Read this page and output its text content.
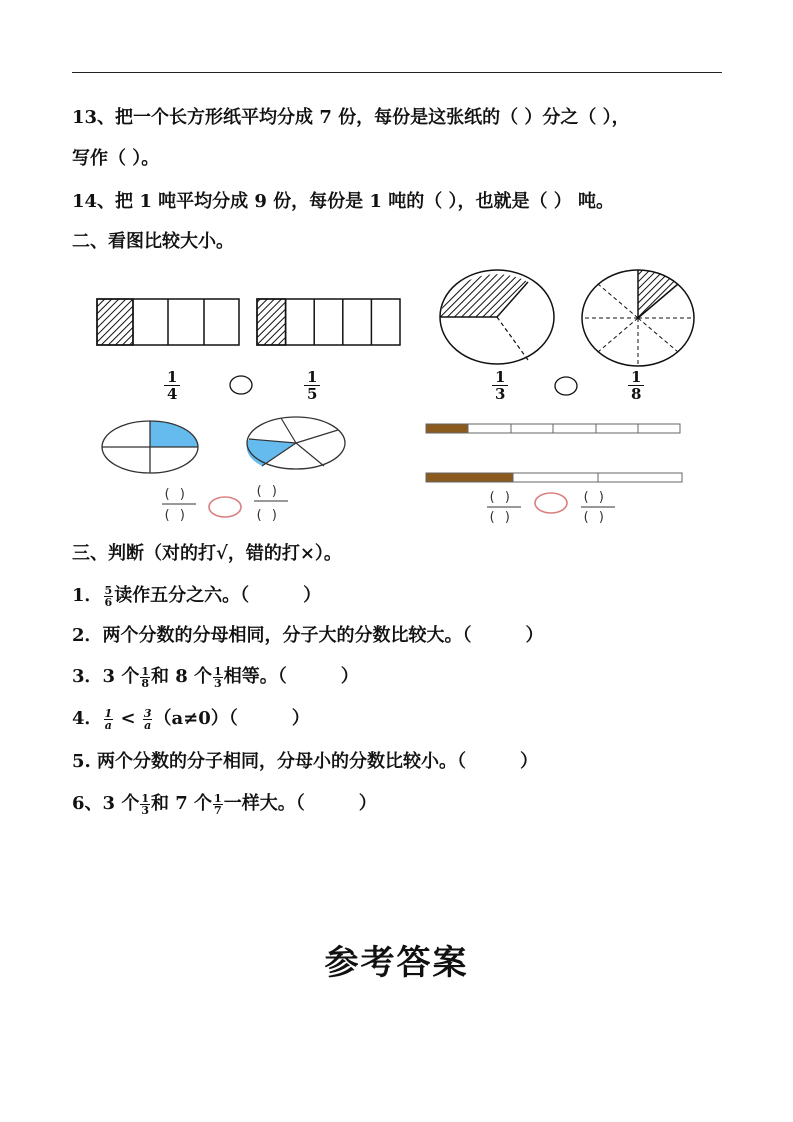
13、把一个长方形纸平均分成 7 份，每份是这张纸的（ ）分之（ ），
写作（ ）。
14、把 1 吨平均分成 9 份，每份是 1 吨的（ ），也就是（ ） 吨。
二、看图比较大小。
( )
( )
( )
( )
( )
( )
( )
( )
1
4
1
5
1
3
1
8
三、判断（对的打√，错的打×）。
1． $\frac{5}{6}$ 读作五分之六。（　　　）
2．两个分数的分母相同，分子大的分数比较大。（　　　）
3．3 个 $\frac{1}{8}$ 和 8 个 $\frac{1}{3}$ 相等。（　　　）
4． $\frac{1}{a} < \frac{3}{a} (a\ne 0)$（　　　）
5. 两个分数的分子相同，分母小的分数比较小。（　　　）
6、3 个 $\frac{1}{3}$ 和 7 个 $\frac{1}{7}$ 一样大。（　　　）
参考答案
